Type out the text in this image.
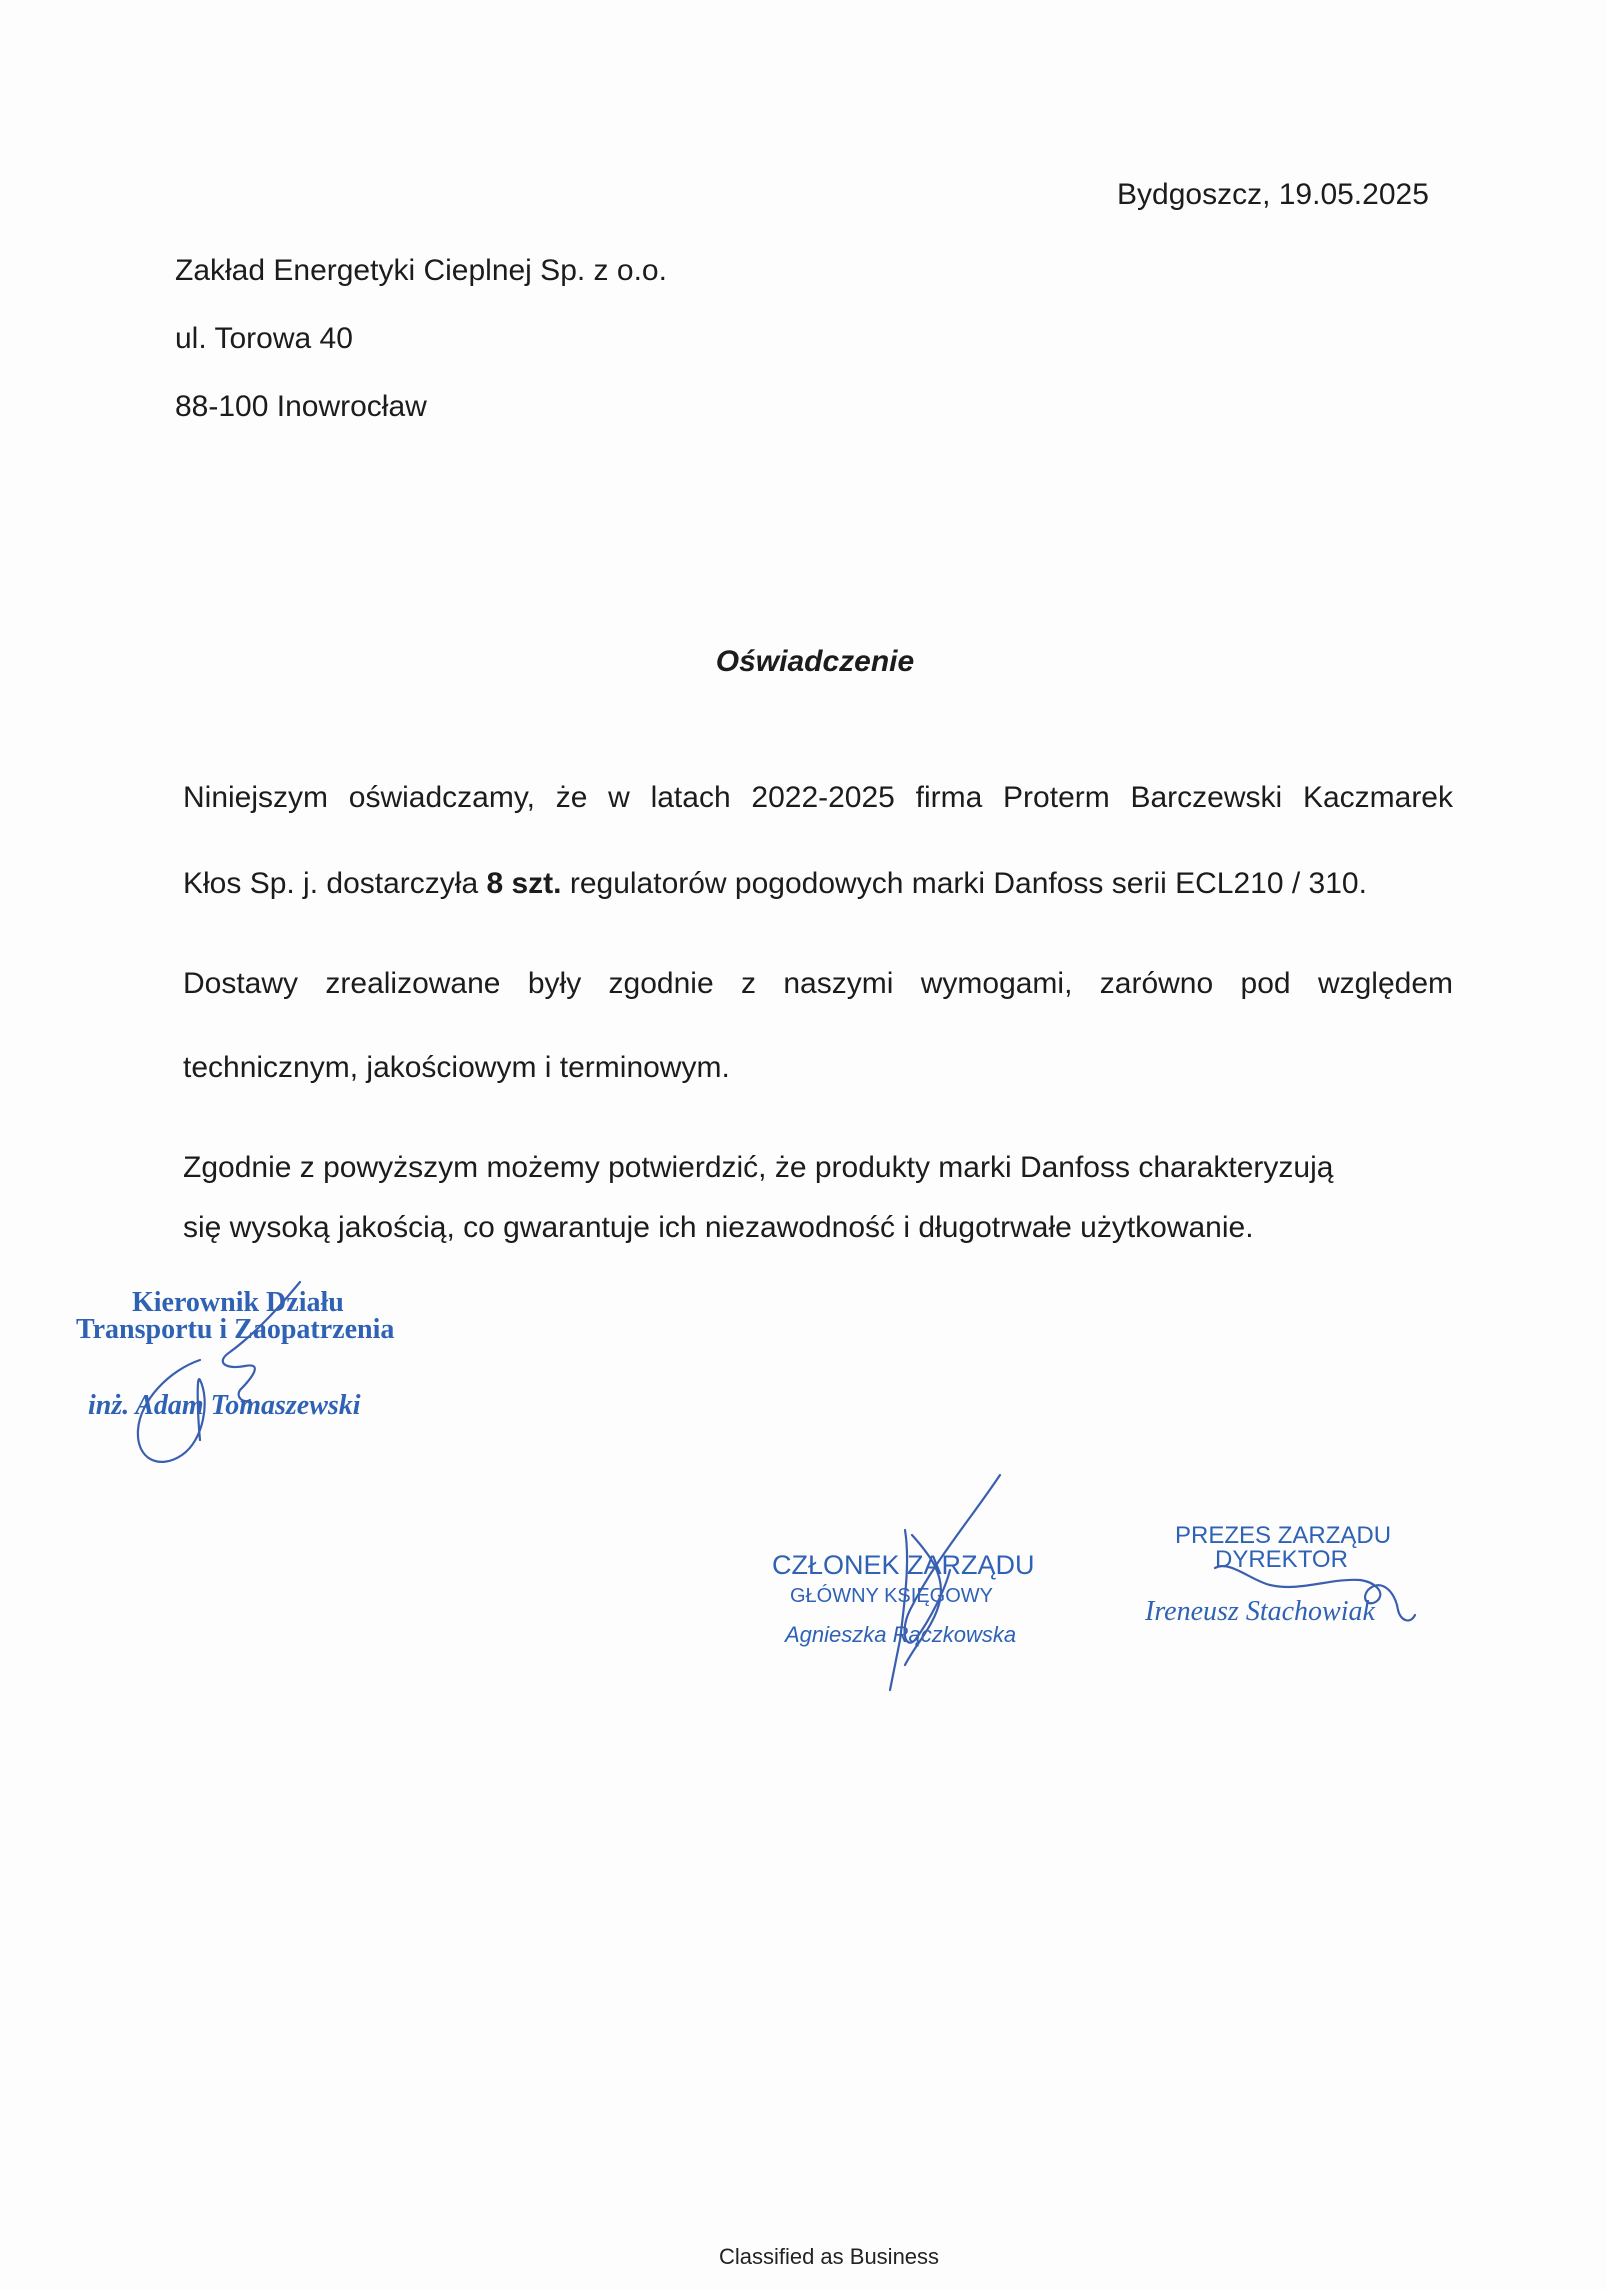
Bydgoszcz, 19.05.2025
Zakład Energetyki Cieplnej Sp. z o.o.
ul. Torowa 40
88-100 Inowrocław
Oświadczenie
Niniejszym oświadczamy, że w latach 2022-2025 firma Proterm Barczewski Kaczmarek
Kłos Sp. j. dostarczyła 8 szt. regulatorów pogodowych marki Danfoss serii ECL210 / 310.
Dostawy zrealizowane były zgodnie z naszymi wymogami, zarówno pod względem
technicznym, jakościowym i terminowym.
Zgodnie z powyższym możemy potwierdzić, że produkty marki Danfoss charakteryzują
się wysoką jakością, co gwarantuje ich niezawodność i długotrwałe użytkowanie.
Kierownik Działu
Transportu i Zaopatrzenia
inż. Adam Tomaszewski
CZŁONEK ZARZĄDU
GŁÓWNY KSIĘGOWY
Agnieszka Rączkowska
PREZES ZARZĄDU
DYREKTOR
Ireneusz Stachowiak
Classified as Business
